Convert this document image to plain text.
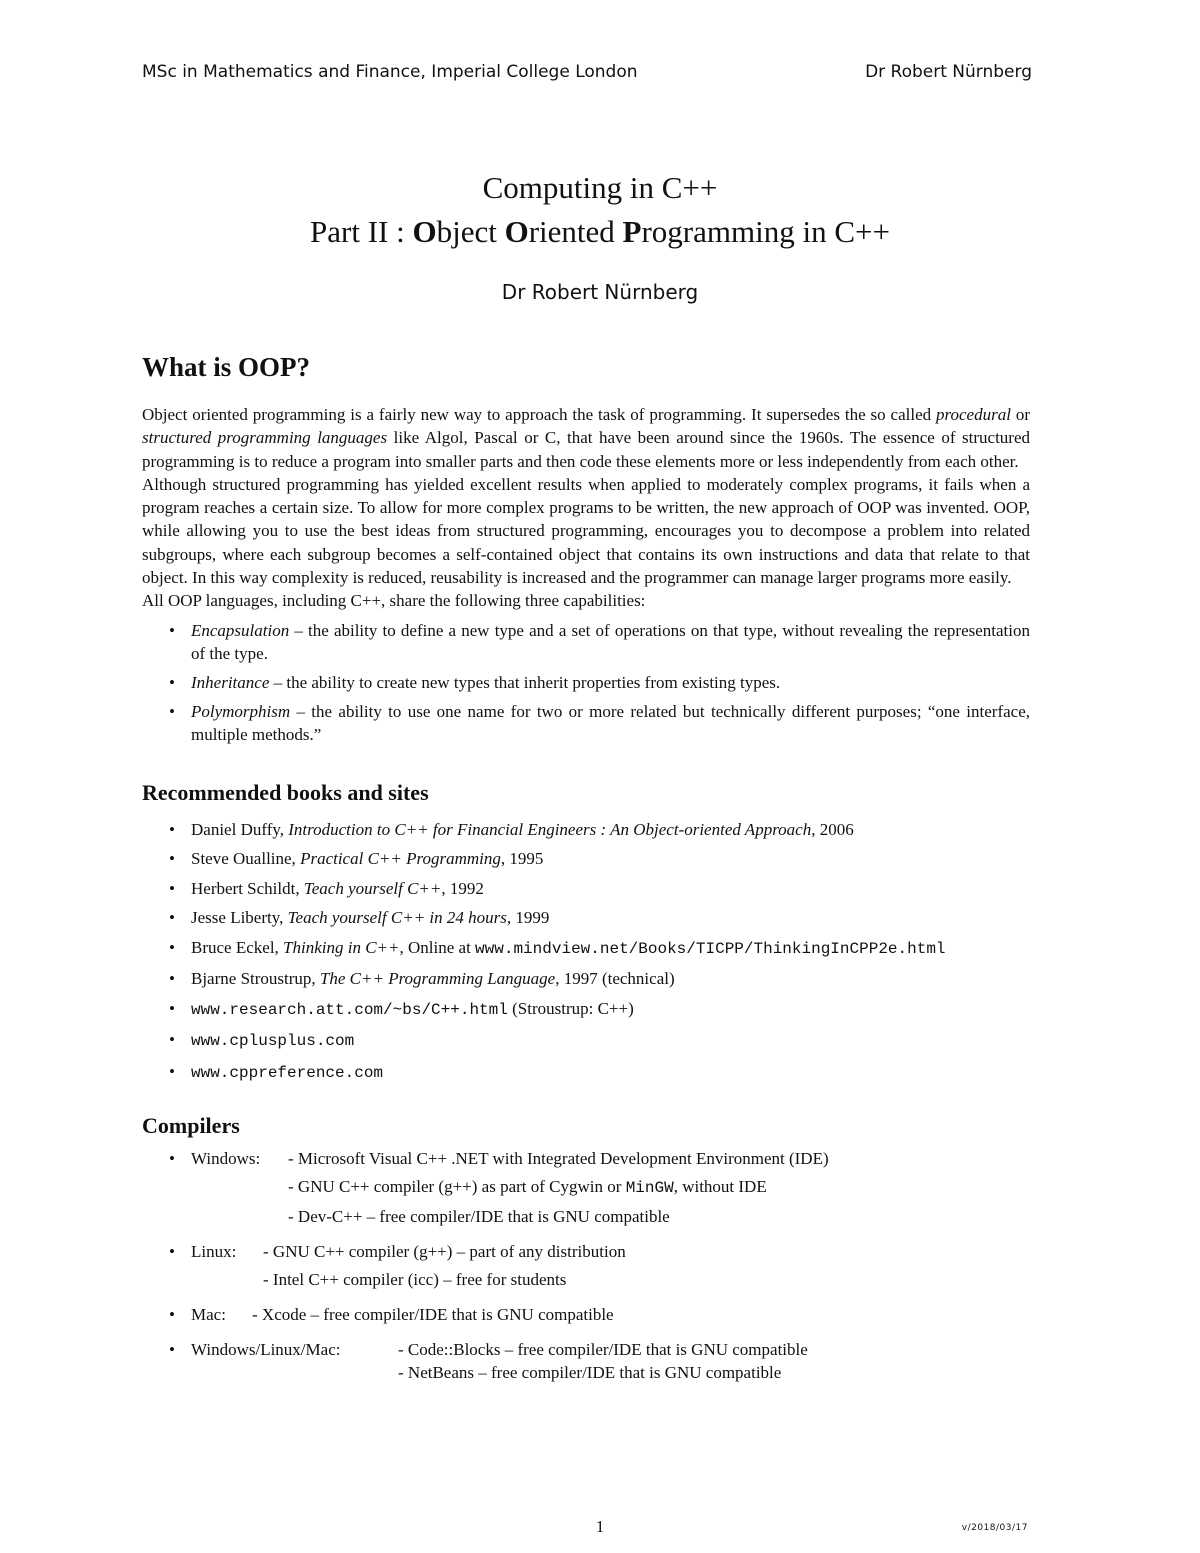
MSc in Mathematics and Finance, Imperial College London	Dr Robert Nürnberg
Computing in C++
Part II : Object Oriented Programming in C++
Dr Robert Nürnberg
What is OOP?

Object oriented programming is a fairly new way to approach the task of programming. It supersedes the so called procedural or structured programming languages like Algol, Pascal or C, that have been around since the 1960s. The essence of structured programming is to reduce a program into smaller parts and then code these elements more or less independently from each other.

Although structured programming has yielded excellent results when applied to moderately complex programs, it fails when a program reaches a certain size. To allow for more complex programs to be written, the new approach of OOP was invented. OOP, while allowing you to use the best ideas from structured programming, encourages you to decompose a problem into related subgroups, where each subgroup becomes a self-contained object that contains its own instructions and data that relate to that object. In this way complexity is reduced, reusability is increased and the programmer can manage larger programs more easily.

All OOP languages, including C++, share the following three capabilities:

• Encapsulation – the ability to define a new type and a set of operations on that type, without revealing the representation of the type.
• Inheritance – the ability to create new types that inherit properties from existing types.
• Polymorphism – the ability to use one name for two or more related but technically different purposes; “one interface, multiple methods.”
Recommended books and sites
• Daniel Duffy, Introduction to C++ for Financial Engineers : An Object-oriented Approach, 2006
• Steve Oualline, Practical C++ Programming, 1995
• Herbert Schildt, Teach yourself C++, 1992
• Jesse Liberty, Teach yourself C++ in 24 hours, 1999
• Bruce Eckel, Thinking in C++, Online at www.mindview.net/Books/TICPP/ThinkingInCPP2e.html
• Bjarne Stroustrup, The C++ Programming Language, 1997 (technical)
• www.research.att.com/~bs/C++.html (Stroustrup: C++)
• www.cplusplus.com
• www.cppreference.com
Compilers
• Windows: - Microsoft Visual C++ .NET with Integrated Development Environment (IDE)
- GNU C++ compiler (g++) as part of Cygwin or MinGW, without IDE
- Dev-C++ – free compiler/IDE that is GNU compatible
• Linux: - GNU C++ compiler (g++) – part of any distribution
- Intel C++ compiler (icc) – free for students
• Mac: - Xcode – free compiler/IDE that is GNU compatible
• Windows/Linux/Mac:	- Code::Blocks – free compiler/IDE that is GNU compatible
- NetBeans – free compiler/IDE that is GNU compatible
1	v/2018/03/17
